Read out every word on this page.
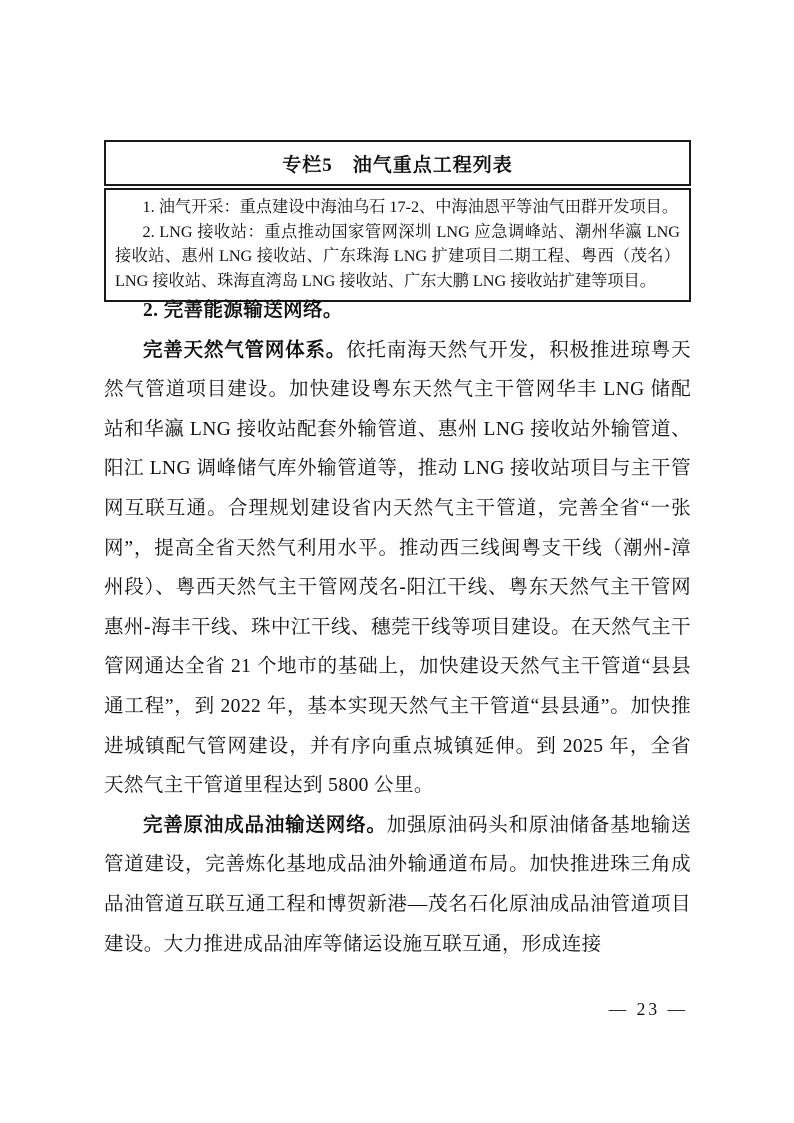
专栏5　油气重点工程列表

1. 油气开采：重点建设中海油乌石 17-2、中海油恩平等油气田群开发项目。

2. LNG 接收站：重点推动国家管网深圳 LNG 应急调峰站、潮州华瀛 LNG 接收站、惠州 LNG 接收站、广东珠海 LNG 扩建项目二期工程、粤西（茂名）LNG 接收站、珠海直湾岛 LNG 接收站、广东大鹏 LNG 接收站扩建等项目。

2. 完善能源输送网络。

完善天然气管网体系。依托南海天然气开发，积极推进琼粤天然气管道项目建设。加快建设粤东天然气主干管网华丰 LNG 储配站和华瀛 LNG 接收站配套外输管道、惠州 LNG 接收站外输管道、阳江 LNG 调峰储气库外输管道等，推动 LNG 接收站项目与主干管网互联互通。合理规划建设省内天然气主干管道，完善全省“一张网”，提高全省天然气利用水平。推动西三线闽粤支干线（潮州-漳州段）、粤西天然气主干管网茂名-阳江干线、粤东天然气主干管网惠州-海丰干线、珠中江干线、穗莞干线等项目建设。在天然气主干管网通达全省 21 个地市的基础上，加快建设天然气主干管道“县县通工程”，到 2022 年，基本实现天然气主干管道“县县通”。加快推进城镇配气管网建设，并有序向重点城镇延伸。到 2025 年，全省天然气主干管道里程达到 5800 公里。

完善原油成品油输送网络。加强原油码头和原油储备基地输送管道建设，完善炼化基地成品油外输通道布局。加快推进珠三角成品油管道互联互通工程和博贺新港—茂名石化原油成品油管道项目建设。大力推进成品油库等储运设施互联互通，形成连接

— 23 —
